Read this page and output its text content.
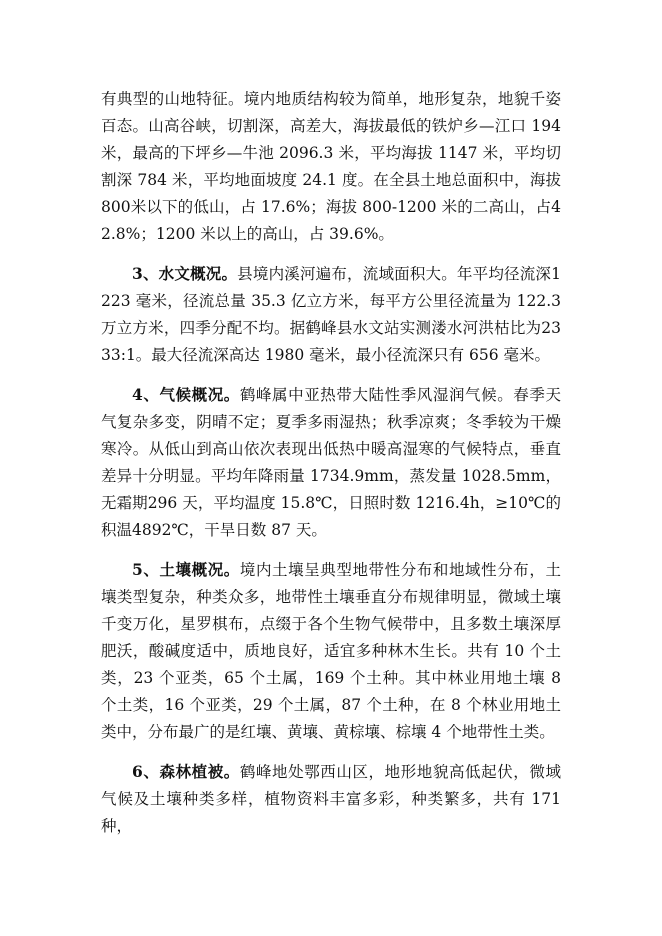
有典型的山地特征。境内地质结构较为简单，地形复杂，地貌千姿百态。山高谷峡，切割深，高差大，海拔最低的铁炉乡—江口 194米，最高的下坪乡—牛池 2096.3 米，平均海拔 1147 米，平均切割深 784 米，平均地面坡度 24.1 度。在全县土地总面积中，海拔 800米以下的低山，占 17.6%；海拔 800-1200 米的二高山，占42.8%；1200 米以上的高山，占 39.6%。

3、水文概况。县境内溪河遍布，流域面积大。年平均径流深1223 毫米，径流总量 35.3 亿立方米，每平方公里径流量为 122.3 万立方米，四季分配不均。据鹤峰县水文站实测溇水河洪枯比为2333:1。最大径流深高达 1980 毫米，最小径流深只有 656 毫米。

4、气候概况。鹤峰属中亚热带大陆性季风湿润气候。春季天气复杂多变，阴晴不定；夏季多雨湿热；秋季凉爽；冬季较为干燥寒冷。从低山到高山依次表现出低热中暖高湿寒的气候特点，垂直差异十分明显。平均年降雨量 1734.9mm，蒸发量 1028.5mm，无霜期296 天，平均温度 15.8℃，日照时数 1216.4h，≥10℃的积温4892℃，干旱日数 87 天。

5、土壤概况。境内土壤呈典型地带性分布和地域性分布，土壤类型复杂，种类众多，地带性土壤垂直分布规律明显，微域土壤千变万化，星罗棋布，点缀于各个生物气候带中，且多数土壤深厚肥沃，酸碱度适中，质地良好，适宜多种林木生长。共有 10 个土类，23 个亚类，65 个土属，169 个土种。其中林业用地土壤 8 个土类，16 个亚类，29 个土属，87 个土种，在 8 个林业用地土类中，分布最广的是红壤、黄壤、黄棕壤、棕壤 4 个地带性土类。

6、森林植被。鹤峰地处鄂西山区，地形地貌高低起伏，微域气候及土壤种类多样，植物资料丰富多彩，种类繁多，共有 171 种，
